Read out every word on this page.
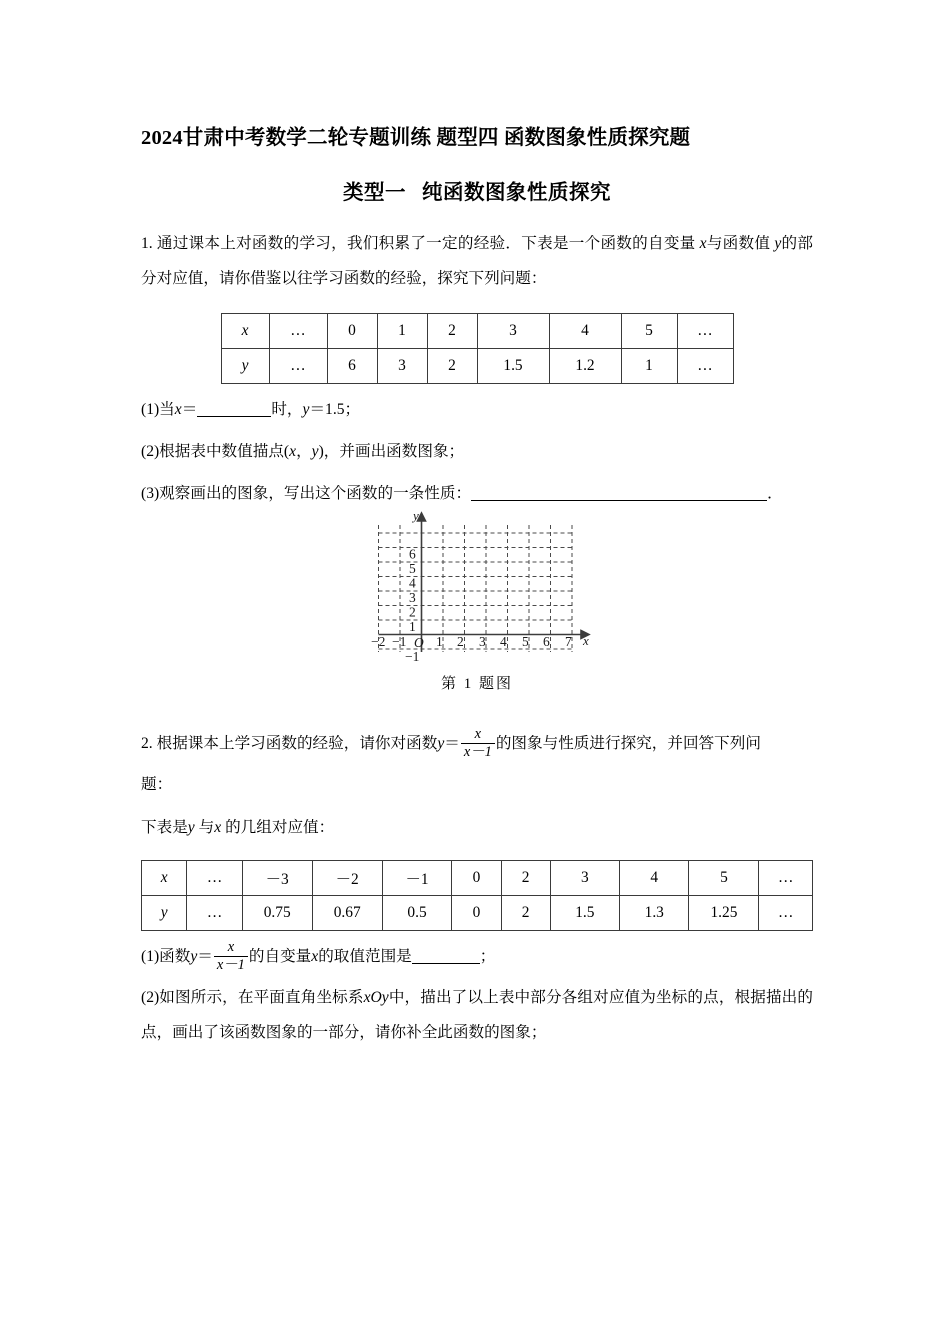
2024甘肃中考数学二轮专题训练 题型四 函数图象性质探究题
类型一 纯函数图象性质探究

1. 通过课本上对函数的学习，我们积累了一定的经验．下表是一个函数的自变量 x与函数值 y的部分对应值，请你借鉴以往学习函数的经验，探究下列问题：

x	…	0	1	2	3	4	5	…
y	…	6	3	2	1.5	1.2	1	…

(1)当x＝	时，y＝1.5；

(2)根据表中数值描点(x，y)，并画出函数图象；

(3)观察画出的图象，写出这个函数的一条性质：	．

x
y
−2 −1 O 1 2 3 4 5 6 7
1
2
3
4
5
6
−1
第 1 题图

2. 根据课本上学习函数的经验，请你对函数$y= \frac{x}{x-1}$ 的图象与性质进行探究，并回答下列问

题：

下表是y 与x 的几组对应值：

x	…	－3	－2	－1	0	2	3	4	5	…
y	…	0.75	0.67	0.5	0	2	1.5	1.3	1.25	…

(1)函数$y= \frac{x}{x-1}$ 的自变量x的取值范围是	；

(2)如图所示，在平面直角坐标系xOy中，描出了以上表中部分各组对应值为坐标的点，根据描出的点，画出了该函数图象的一部分，请你补全此函数的图象；
